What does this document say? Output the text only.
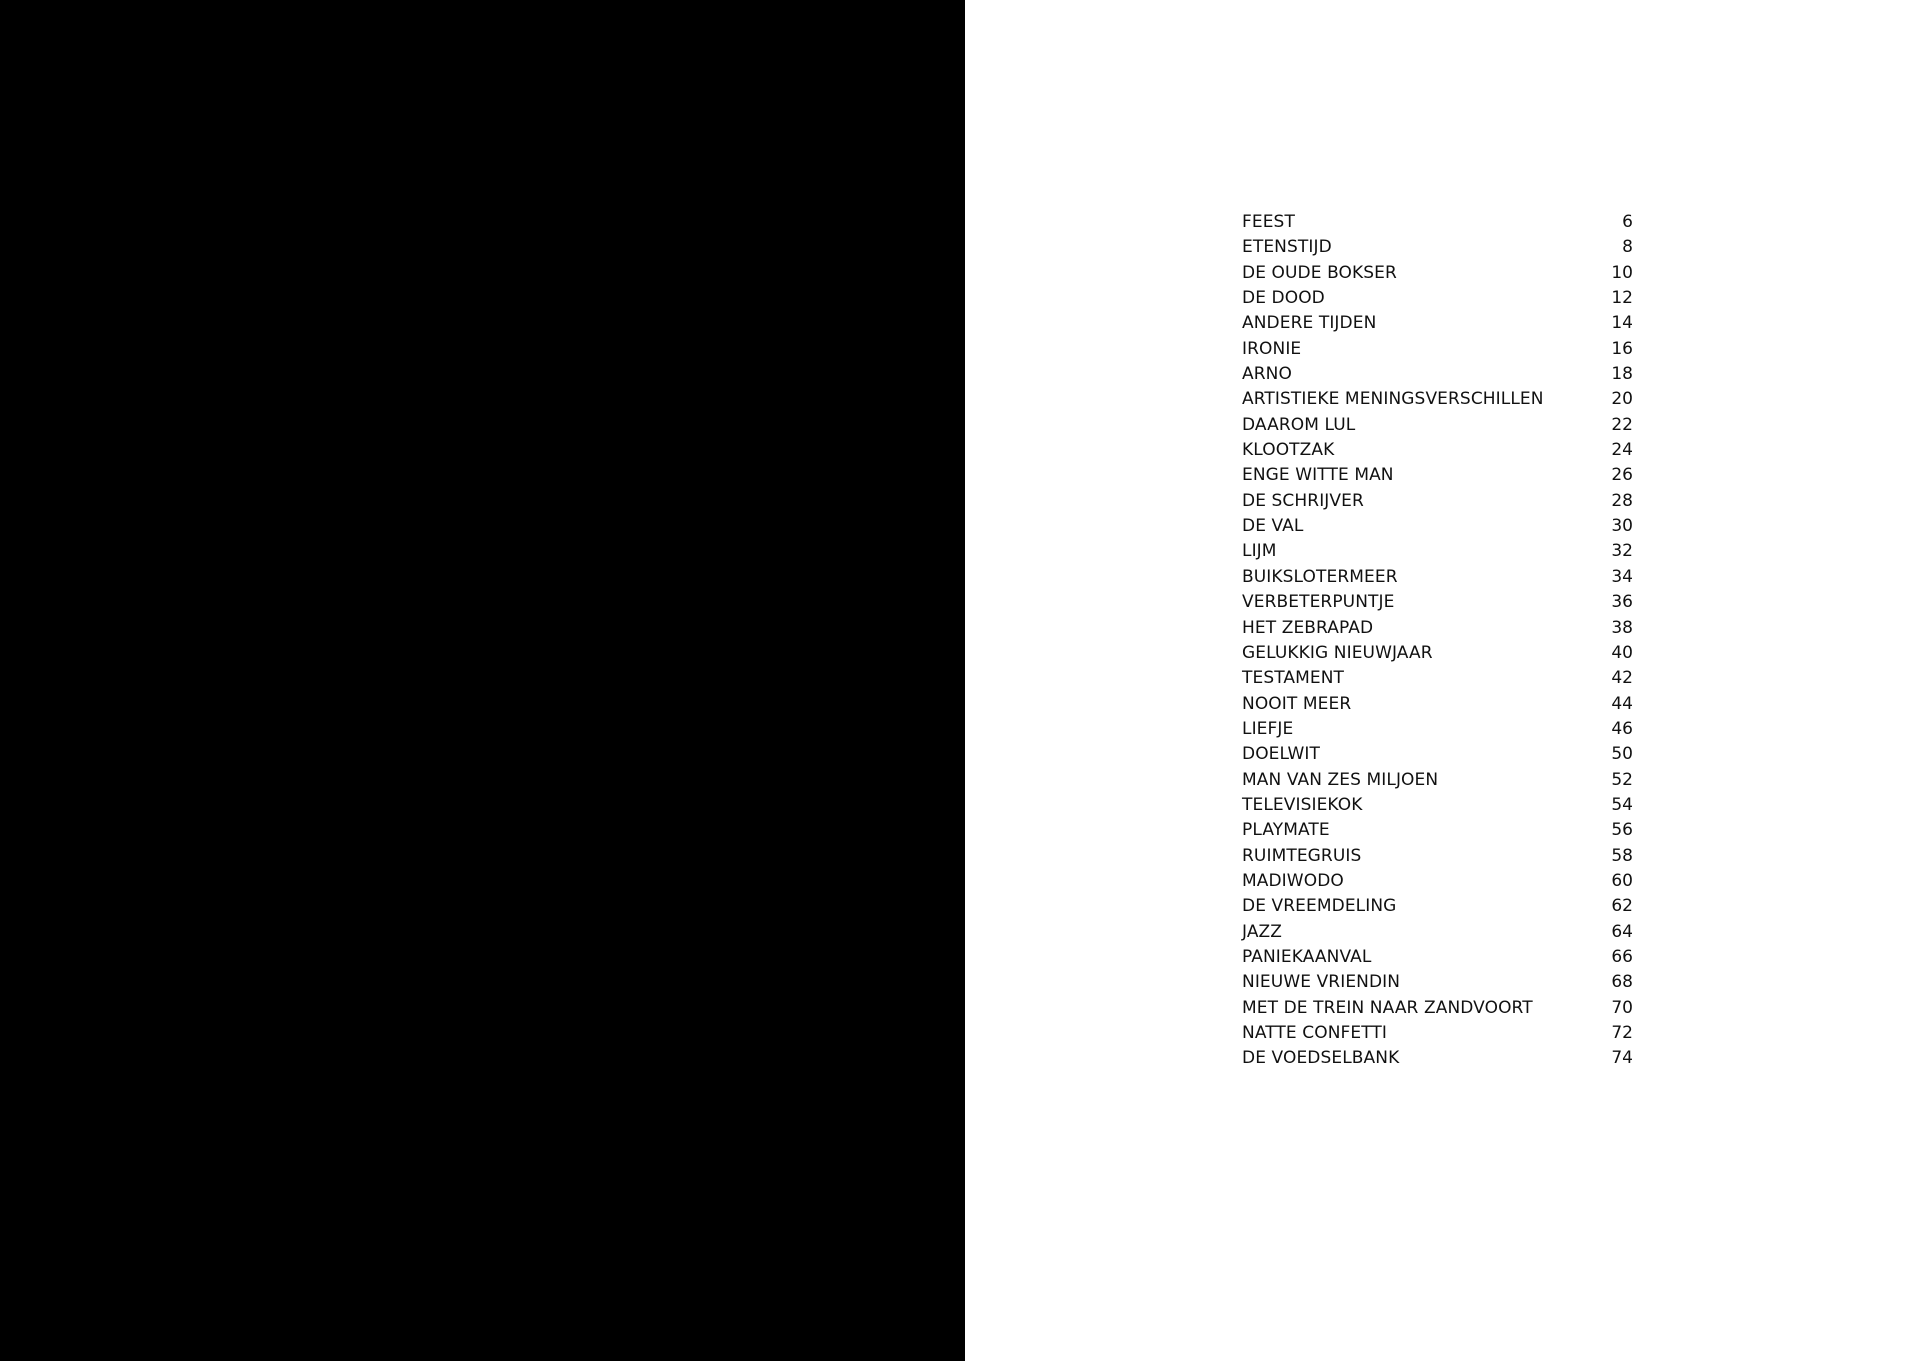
FEEST	6
ETENSTIJD	8
DE OUDE BOKSER	10
DE DOOD	12
ANDERE TIJDEN	14
IRONIE	16
ARNO	18
ARTISTIEKE MENINGSVERSCHILLEN	20
DAAROM LUL	22
KLOOTZAK	24
ENGE WITTE MAN	26
DE SCHRIJVER	28
DE VAL	30
LIJM	32
BUIKSLOTERMEER	34
VERBETERPUNTJE	36
HET ZEBRAPAD	38
GELUKKIG NIEUWJAAR	40
TESTAMENT	42
NOOIT MEER	44
LIEFJE	46
DOELWIT	50
MAN VAN ZES MILJOEN	52
TELEVISIEKOK	54
PLAYMATE	56
RUIMTEGRUIS	58
MADIWODO	60
DE VREEMDELING	62
JAZZ	64
PANIEKAANVAL	66
NIEUWE VRIENDIN	68
MET DE TREIN NAAR ZANDVOORT	70
NATTE CONFETTI	72
DE VOEDSELBANK	74
